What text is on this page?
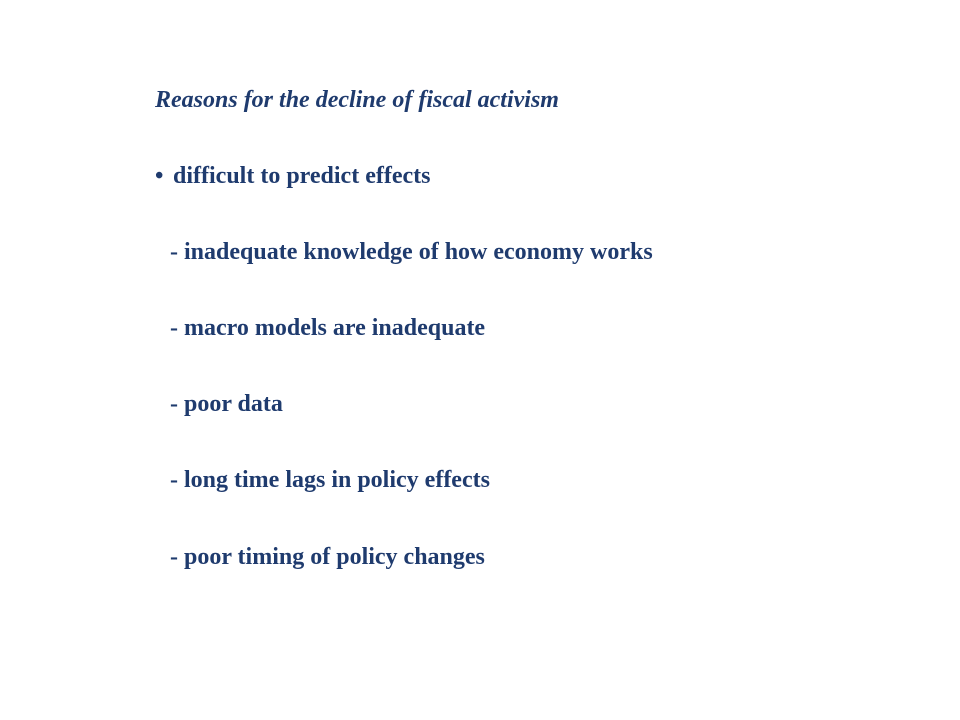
Reasons for the decline of fiscal activism
• difficult to predict effects
- inadequate knowledge of how economy works
- macro models are inadequate
- poor data
- long time lags in policy effects
- poor timing of policy changes
